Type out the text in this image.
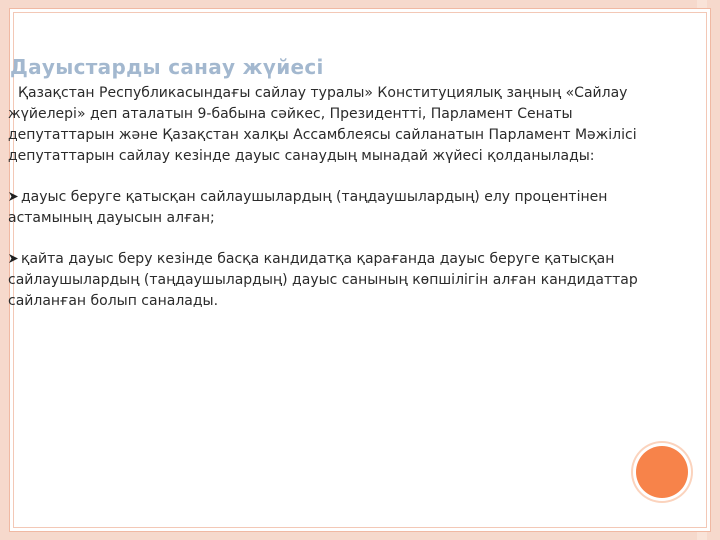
Дауыстарды санау жүйесі

Қазақстан Республикасындағы сайлау туралы» Конституциялық заңның «Сайлау жүйелері» деп аталатын 9-бабына сәйкес, Президентті, Парламент Сенаты депутаттарын және Қазақстан халқы Ассамблеясы сайланатын Парламент Мәжілісі депутаттарын сайлау кезінде дауыс санаудың мынадай жүйесі қолданылады:

дауыс беруге қатысқан сайлаушылардың (таңдаушылардың) елу процентінен астамының дауысын алған;

қайта дауыс беру кезінде басқа кандидатқа қарағанда дауыс беруге қатысқан сайлаушылардың (таңдаушылардың) дауыс санының көпшілігін алған кандидаттар сайланған болып саналады.
